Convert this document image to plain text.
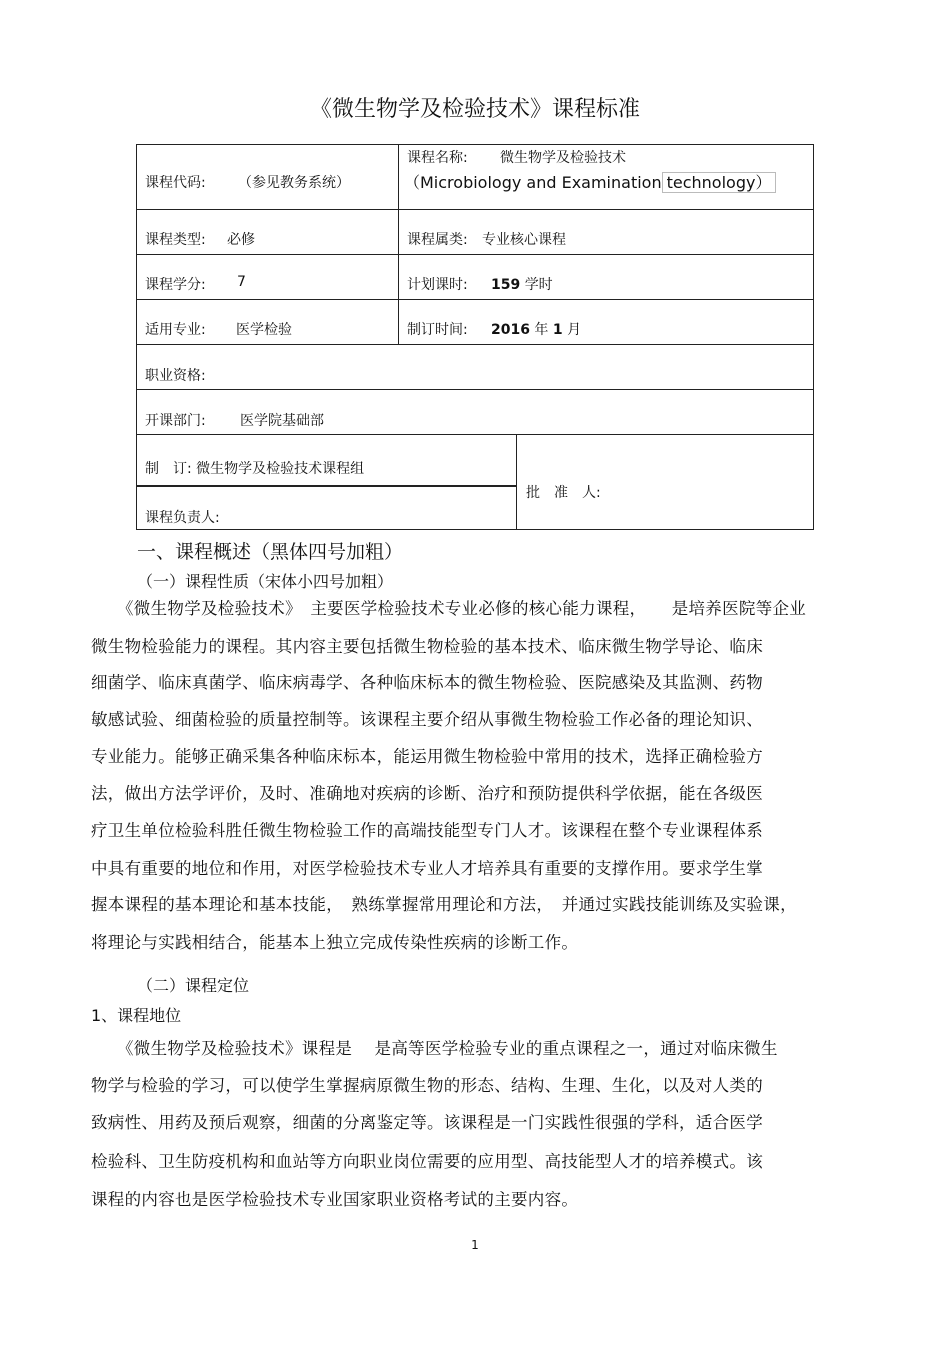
《微生物学及检验技术》课程标准
课程代码: （参见教务系统）
课程名称: 微生物学及检验技术
（Microbiology and Examination technology）
课程类型: 必修	课程属类: 专业核心课程
课程学分: 7	计划课时: 159 学时
适用专业: 医学检验	制订时间: 2016 年 1 月
职业资格:
开课部门: 医学院基础部
制　订: 微生物学及检验技术课程组
课程负责人:
批　准　人:
一、课程概述（黑体四号加粗）
（一）课程性质（宋体小四号加粗）
《微生物学及检验技术》　主要医学检验技术专业必修的核心能力课程，　　是培养医院等企业
微生物检验能力的课程。其内容主要包括微生物检验的基本技术、临床微生物学导论、临床
细菌学、临床真菌学、临床病毒学、各种临床标本的微生物检验、医院感染及其监测、药物
敏感试验、细菌检验的质量控制等。该课程主要介绍从事微生物检验工作必备的理论知识、
专业能力。能够正确采集各种临床标本，能运用微生物检验中常用的技术，选择正确检验方
法，做出方法学评价，及时、准确地对疾病的诊断、治疗和预防提供科学依据，能在各级医
疗卫生单位检验科胜任微生物检验工作的高端技能型专门人才。该课程在整个专业课程体系
中具有重要的地位和作用，对医学检验技术专业人才培养具有重要的支撑作用。要求学生掌
握本课程的基本理论和基本技能，　熟练掌握常用理论和方法，　并通过实践技能训练及实验课，
将理论与实践相结合，能基本上独立完成传染性疾病的诊断工作。
（二）课程定位
1、课程地位
《微生物学及检验技术》课程是　 是高等医学检验专业的重点课程之一，通过对临床微生
物学与检验的学习，可以使学生掌握病原微生物的形态、结构、生理、生化，以及对人类的
致病性、用药及预后观察，细菌的分离鉴定等。该课程是一门实践性很强的学科，适合医学
检验科、卫生防疫机构和血站等方向职业岗位需要的应用型、高技能型人才的培养模式。该
课程的内容也是医学检验技术专业国家职业资格考试的主要内容。
1
